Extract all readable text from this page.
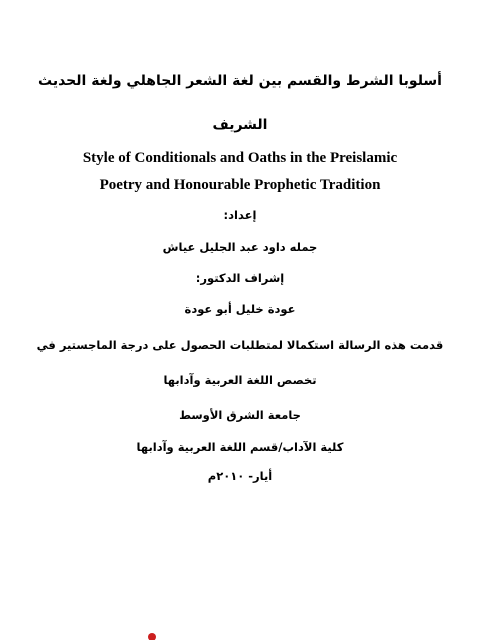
أسلوبا الشرط والقسم بين لغة الشعر الجاهلي ولغة الحديث
الشريف
Style of Conditionals and Oaths in the Preislamic
Poetry and Honourable Prophetic Tradition
إعداد:
جمله داود عبد الجليل عياش
إشراف الدكتور:
عودة خليل أبو عودة
قدمت هذه الرسالة استكمالا لمتطلبات الحصول على درجة الماجستير في
تخصص اللغة العربية وآدابها
جامعة الشرق الأوسط
كلية الآداب/قسم اللغة العربية وآدابها
أيار- ٢٠١٠م
